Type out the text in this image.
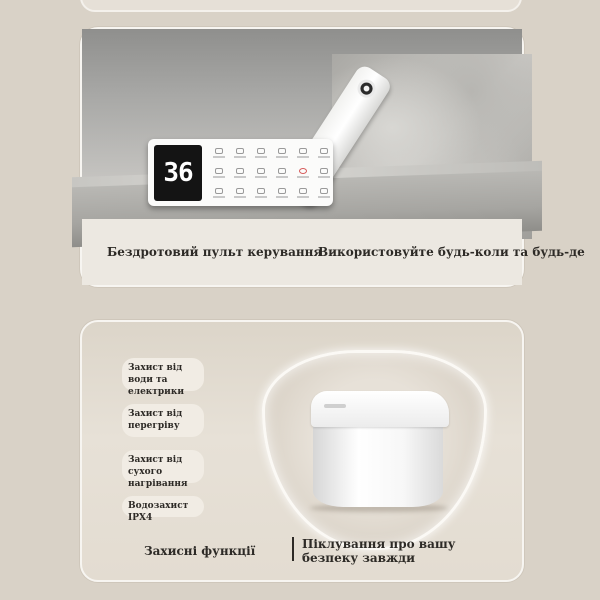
36
Бездротовий пульт керування
Використовуйте будь-коли та будь-де
Захист від води та електрики
Захист від перегріву
Захист від сухого нагрівання
Водозахист IPX4
Захисні функції	Піклування про вашу безпеку завжди
